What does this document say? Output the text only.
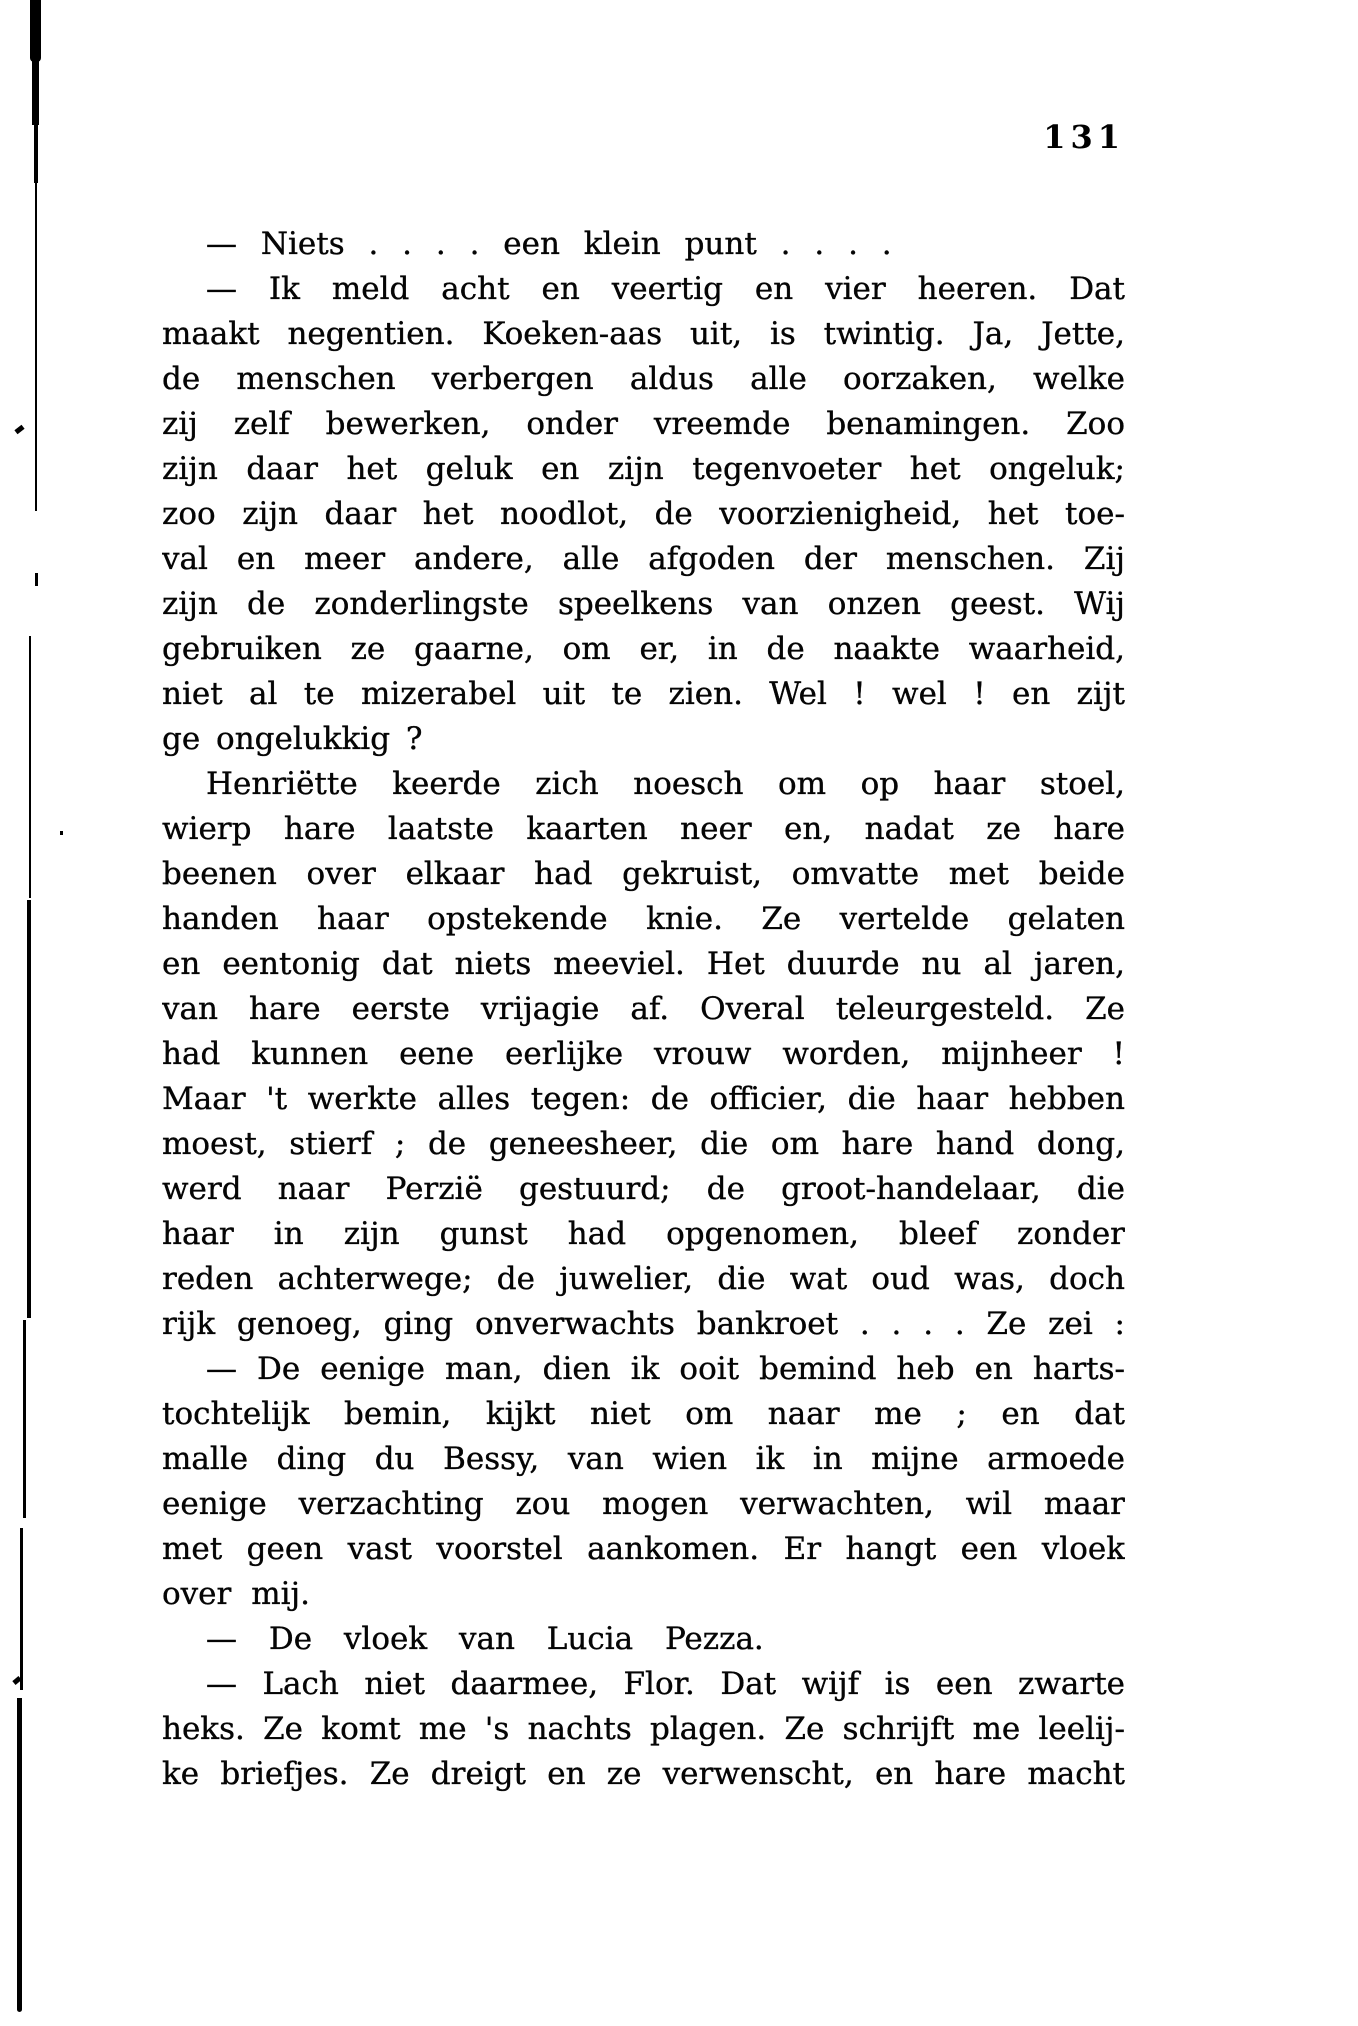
131
— Niets . . . . een klein punt . . . .
— Ik meld acht en veertig en vier heeren. Dat
maakt negentien. Koeken-aas uit, is twintig. Ja, Jette,
de menschen verbergen aldus alle oorzaken, welke
zij zelf bewerken, onder vreemde benamingen. Zoo
zijn daar het geluk en zijn tegenvoeter het ongeluk;
zoo zijn daar het noodlot, de voorzienigheid, het toe-
val en meer andere, alle afgoden der menschen. Zij
zijn de zonderlingste speelkens van onzen geest. Wij
gebruiken ze gaarne, om er, in de naakte waarheid,
niet al te mizerabel uit te zien. Wel ! wel ! en zijt
ge ongelukkig ?
Henriëtte keerde zich noesch om op haar stoel,
wierp hare laatste kaarten neer en, nadat ze hare
beenen over elkaar had gekruist, omvatte met beide
handen haar opstekende knie. Ze vertelde gelaten
en eentonig dat niets meeviel. Het duurde nu al jaren,
van hare eerste vrijagie af. Overal teleurgesteld. Ze
had kunnen eene eerlijke vrouw worden, mijnheer !
Maar 't werkte alles tegen: de officier, die haar hebben
moest, stierf ; de geneesheer, die om hare hand dong,
werd naar Perzië gestuurd; de groot-handelaar, die
haar in zijn gunst had opgenomen, bleef zonder
reden achterwege; de juwelier, die wat oud was, doch
rijk genoeg, ging onverwachts bankroet . . . . Ze zei :
— De eenige man, dien ik ooit bemind heb en harts-
tochtelijk bemin, kijkt niet om naar me ; en dat
malle ding du Bessy, van wien ik in mijne armoede
eenige verzachting zou mogen verwachten, wil maar
met geen vast voorstel aankomen. Er hangt een vloek
over mij.
— De vloek van Lucia Pezza.
— Lach niet daarmee, Flor. Dat wijf is een zwarte
heks. Ze komt me 's nachts plagen. Ze schrijft me leelij-
ke briefjes. Ze dreigt en ze verwenscht, en hare macht
